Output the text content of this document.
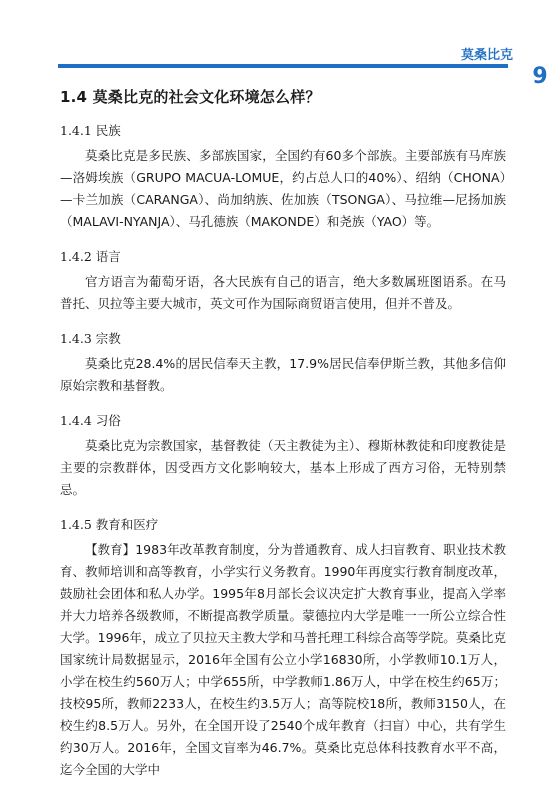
莫桑比克
9
1.4 莫桑比克的社会文化环境怎么样？
1.4.1 民族

莫桑比克是多民族、多部族国家，全国约有60多个部族。主要部族有马库族—洛姆埃族（GRUPO MACUA-LOMUE，约占总人口的40%）、绍纳（CHONA）—卡兰加族（CARANGA）、尚加纳族、佐加族（TSONGA）、马拉维—尼扬加族（MALAVI-NYANJA）、马孔德族（MAKONDE）和尧族（YAO）等。

1.4.2 语言

官方语言为葡萄牙语，各大民族有自己的语言，绝大多数属班图语系。在马普托、贝拉等主要大城市，英文可作为国际商贸语言使用，但并不普及。

1.4.3 宗教

莫桑比克28.4%的居民信奉天主教，17.9%居民信奉伊斯兰教，其他多信仰原始宗教和基督教。

1.4.4 习俗

莫桑比克为宗教国家，基督教徒（天主教徒为主）、穆斯林教徒和印度教徒是主要的宗教群体，因受西方文化影响较大，基本上形成了西方习俗，无特别禁忌。

1.4.5 教育和医疗

【教育】1983年改革教育制度，分为普通教育、成人扫盲教育、职业技术教育、教师培训和高等教育，小学实行义务教育。1990年再度实行教育制度改革，鼓励社会团体和私人办学。1995年8月部长会议决定扩大教育事业，提高入学率并大力培养各级教师，不断提高教学质量。蒙德拉内大学是唯一一所公立综合性大学。1996年，成立了贝拉天主教大学和马普托理工科综合高等学院。莫桑比克国家统计局数据显示，2016年全国有公立小学16830所，小学教师10.1万人，小学在校生约560万人；中学655所，中学教师1.86万人，中学在校生约65万；技校95所，教师2233人，在校生约3.5万人；高等院校18所，教师3150人，在校生约8.5万人。另外，在全国开设了2540个成年教育（扫盲）中心，共有学生约30万人。2016年，全国文盲率为46.7%。莫桑比克总体科技教育水平不高，迄今全国的大学中
